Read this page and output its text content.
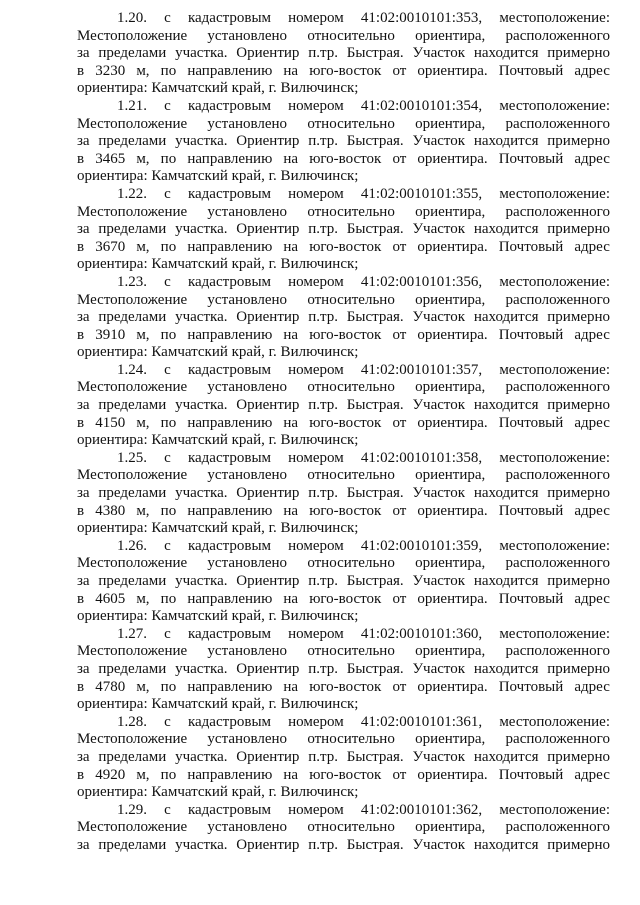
1.20. с кадастровым номером 41:02:0010101:353, местоположение:
Местоположение установлено относительно ориентира, расположенного
за пределами участка. Ориентир п.тр. Быстрая. Участок находится примерно
в 3230 м, по направлению на юго-восток от ориентира. Почтовый адрес
ориентира: Камчатский край, г. Вилючинск;
1.21. с кадастровым номером 41:02:0010101:354, местоположение:
Местоположение установлено относительно ориентира, расположенного
за пределами участка. Ориентир п.тр. Быстрая. Участок находится примерно
в 3465 м, по направлению на юго-восток от ориентира. Почтовый адрес
ориентира: Камчатский край, г. Вилючинск;
1.22. с кадастровым номером 41:02:0010101:355, местоположение:
Местоположение установлено относительно ориентира, расположенного
за пределами участка. Ориентир п.тр. Быстрая. Участок находится примерно
в 3670 м, по направлению на юго-восток от ориентира. Почтовый адрес
ориентира: Камчатский край, г. Вилючинск;
1.23. с кадастровым номером 41:02:0010101:356, местоположение:
Местоположение установлено относительно ориентира, расположенного
за пределами участка. Ориентир п.тр. Быстрая. Участок находится примерно
в 3910 м, по направлению на юго-восток от ориентира. Почтовый адрес
ориентира: Камчатский край, г. Вилючинск;
1.24. с кадастровым номером 41:02:0010101:357, местоположение:
Местоположение установлено относительно ориентира, расположенного
за пределами участка. Ориентир п.тр. Быстрая. Участок находится примерно
в 4150 м, по направлению на юго-восток от ориентира. Почтовый адрес
ориентира: Камчатский край, г. Вилючинск;
1.25. с кадастровым номером 41:02:0010101:358, местоположение:
Местоположение установлено относительно ориентира, расположенного
за пределами участка. Ориентир п.тр. Быстрая. Участок находится примерно
в 4380 м, по направлению на юго-восток от ориентира. Почтовый адрес
ориентира: Камчатский край, г. Вилючинск;
1.26. с кадастровым номером 41:02:0010101:359, местоположение:
Местоположение установлено относительно ориентира, расположенного
за пределами участка. Ориентир п.тр. Быстрая. Участок находится примерно
в 4605 м, по направлению на юго-восток от ориентира. Почтовый адрес
ориентира: Камчатский край, г. Вилючинск;
1.27. с кадастровым номером 41:02:0010101:360, местоположение:
Местоположение установлено относительно ориентира, расположенного
за пределами участка. Ориентир п.тр. Быстрая. Участок находится примерно
в 4780 м, по направлению на юго-восток от ориентира. Почтовый адрес
ориентира: Камчатский край, г. Вилючинск;
1.28. с кадастровым номером 41:02:0010101:361, местоположение:
Местоположение установлено относительно ориентира, расположенного
за пределами участка. Ориентир п.тр. Быстрая. Участок находится примерно
в 4920 м, по направлению на юго-восток от ориентира. Почтовый адрес
ориентира: Камчатский край, г. Вилючинск;
1.29. с кадастровым номером 41:02:0010101:362, местоположение:
Местоположение установлено относительно ориентира, расположенного
за пределами участка. Ориентир п.тр. Быстрая. Участок находится примерно
